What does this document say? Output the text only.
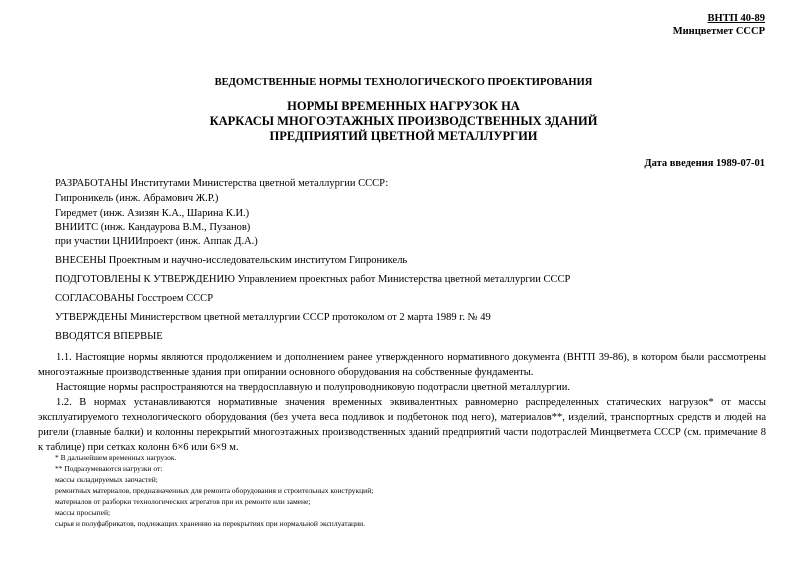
ВНТП 40-89
Минцветмет СССР
ВЕДОМСТВЕННЫЕ НОРМЫ ТЕХНОЛОГИЧЕСКОГО ПРОЕКТИРОВАНИЯ
НОРМЫ ВРЕМЕННЫХ НАГРУЗОК НА
КАРКАСЫ МНОГОЭТАЖНЫХ ПРОИЗВОДСТВЕННЫХ ЗДАНИЙ
ПРЕДПРИЯТИЙ ЦВЕТНОЙ МЕТАЛЛУРГИИ
Дата введения 1989-07-01
РАЗРАБОТАНЫ Институтами Министерства цветной металлургии СССР:
Гипроникель (инж. Абрамович Ж.Р.)
Гиредмет (инж. Азизян К.А., Шарина К.И.)
ВНИИТС (инж. Кандаурова В.М., Пузанов)
при участии ЦНИИпроект (инж. Аппак Д.А.)
ВНЕСЕНЫ Проектным и научно-исследовательским институтом Гипроникель
ПОДГОТОВЛЕНЫ К УТВЕРЖДЕНИЮ Управлением проектных работ Министерства цветной металлургии СССР
СОГЛАСОВАНЫ Госстроем СССР
УТВЕРЖДЕНЫ Министерством цветной металлургии СССР протоколом от 2 марта 1989 г. № 49
ВВОДЯТСЯ ВПЕРВЫЕ
1.1. Настоящие нормы являются продолжением и дополнением ранее утвержденного нормативного документа (ВНТП 39-86), в котором были рассмотрены многоэтажные производственные здания при опирании основного оборудования на собственные фундаменты.
Настоящие нормы распространяются на твердосплавную и полупроводниковую подотрасли цветной металлургии.
1.2. В нормах устанавливаются нормативные значения временных эквивалентных равномерно распределенных статических нагрузок* от массы эксплуатируемого технологического оборудования (без учета веса подливок и подбетонок под него), материалов**, изделий, транспортных средств и людей на ригели (главные балки) и колонны перекрытий многоэтажных производственных зданий предприятий части подотраслей Минцветмета СССР (см. примечание 8 к таблице) при сетках колонн 6×6 или 6×9 м.
* В дальнейшем временных нагрузок.
** Подразумеваются нагрузки от:
массы складируемых запчастей;
ремонтных материалов, предназначенных для ремонта оборудования и строительных конструкций;
материалов от разборки технологических агрегатов при их ремонте или замене;
массы просыпей;
сырья и полуфабрикатов, подлежащих хранению на перекрытиях при нормальной эксплуатации.
